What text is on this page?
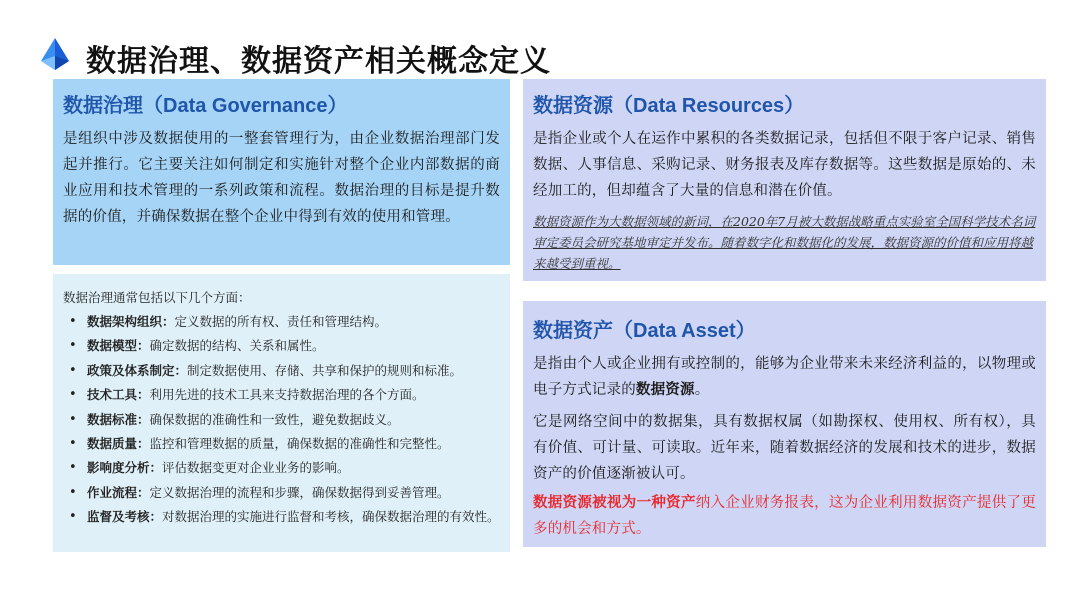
数据治理、数据资产相关概念定义
数据治理（Data Governance）
是组织中涉及数据使用的一整套管理行为，由企业数据治理部门发起并推行。它主要关注如何制定和实施针对整个企业内部数据的商业应用和技术管理的一系列政策和流程。数据治理的目标是提升数据的价值，并确保数据在整个企业中得到有效的使用和管理。
数据治理通常包括以下几个方面：
• 数据架构组织：定义数据的所有权、责任和管理结构。
• 数据模型：确定数据的结构、关系和属性。
• 政策及体系制定：制定数据使用、存储、共享和保护的规则和标准。
• 技术工具：利用先进的技术工具来支持数据治理的各个方面。
• 数据标准：确保数据的准确性和一致性，避免数据歧义。
• 数据质量：监控和管理数据的质量，确保数据的准确性和完整性。
• 影响度分析：评估数据变更对企业业务的影响。
• 作业流程：定义数据治理的流程和步骤，确保数据得到妥善管理。
• 监督及考核：对数据治理的实施进行监督和考核，确保数据治理的有效性。
数据资源（Data Resources）
是指企业或个人在运作中累积的各类数据记录，包括但不限于客户记录、销售数据、人事信息、采购记录、财务报表及库存数据等。这些数据是原始的、未经加工的，但却蕴含了大量的信息和潜在价值。
数据资源作为大数据领域的新词，在2020年7月被大数据战略重点实验室全国科学技术名词审定委员会研究基地审定并发布。随着数字化和数据化的发展，数据资源的价值和应用将越来越受到重视。
数据资产（Data Asset）
是指由个人或企业拥有或控制的，能够为企业带来未来经济利益的，以物理或电子方式记录的数据资源。
它是网络空间中的数据集，具有数据权属（如勘探权、使用权、所有权），具有价值、可计量、可读取。近年来，随着数据经济的发展和技术的进步，数据资产的价值逐渐被认可。
数据资源被视为一种资产纳入企业财务报表，这为企业利用数据资产提供了更多的机会和方式。
